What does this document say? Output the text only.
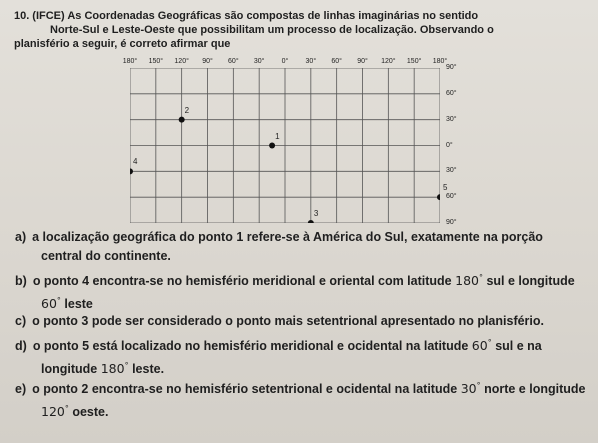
10. (IFCE) As Coordenadas Geográficas são compostas de linhas imaginárias no sentido
Norte-Sul e Leste-Oeste que possibilitam um processo de localização. Observando o
planisfério a seguir, é correto afirmar que
180° 150° 120° 90° 60° 30° 0° 30° 60° 90° 120° 150° 180°
90°
60°
30°
0°
30°
60°
90°
1
2
3
4
5
a) a localização geográfica do ponto 1 refere-se à América do Sul, exatamente na porção
central do continente.
b) o ponto 4 encontra-se no hemisfério meridional e oriental com latitude 180° sul e longitude
60° leste
c) o ponto 3 pode ser considerado o ponto mais setentrional apresentado no planisfério.
d) o ponto 5 está localizado no hemisfério meridional e ocidental na latitude 60° sul e na
longitude 180° leste.
e) o ponto 2 encontra-se no hemisfério setentrional e ocidental na latitude 30° norte e longitude
120° oeste.
